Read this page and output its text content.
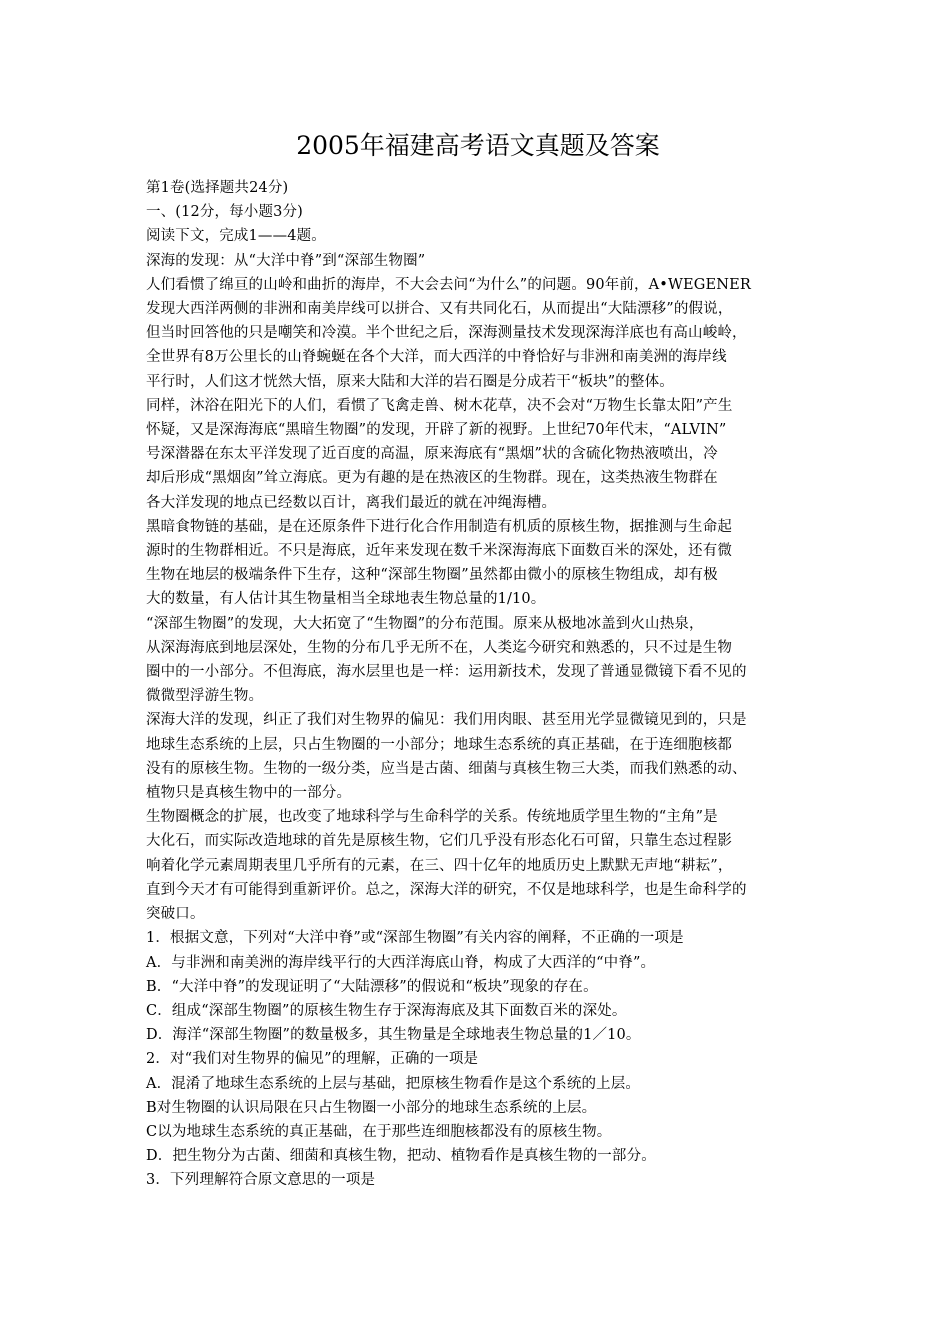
2005年福建高考语文真题及答案
第1卷(选择题共24分)
一、(12分，每小题3分)
阅读下文，完成1——4题。
深海的发现：从“大洋中脊”到“深部生物圈”
人们看惯了绵亘的山岭和曲折的海岸，不大会去问“为什么”的问题。90年前，A•WEGENER
发现大西洋两侧的非洲和南美岸线可以拼合、又有共同化石，从而提出“大陆漂移”的假说，
但当时回答他的只是嘲笑和冷漠。半个世纪之后，深海测量技术发现深海洋底也有高山峻岭，
全世界有8万公里长的山脊蜿蜒在各个大洋，而大西洋的中脊恰好与非洲和南美洲的海岸线
平行时，人们这才恍然大悟，原来大陆和大洋的岩石圈是分成若干“板块”的整体。
同样，沐浴在阳光下的人们，看惯了飞禽走兽、树木花草，决不会对“万物生长靠太阳”产生
怀疑，又是深海海底“黑暗生物圈”的发现，开辟了新的视野。上世纪70年代末，“ALVIN”
号深潜器在东太平洋发现了近百度的高温，原来海底有“黑烟”状的含硫化物热液喷出，冷
却后形成“黑烟囱”耸立海底。更为有趣的是在热液区的生物群。现在，这类热液生物群在
各大洋发现的地点已经数以百计，离我们最近的就在冲绳海槽。
黑暗食物链的基础，是在还原条件下进行化合作用制造有机质的原核生物，据推测与生命起
源时的生物群相近。不只是海底，近年来发现在数千米深海海底下面数百米的深处，还有微
生物在地层的极端条件下生存，这种“深部生物圈”虽然都由微小的原核生物组成，却有极
大的数量，有人估计其生物量相当全球地表生物总量的1/10。
“深部生物圈”的发现，大大拓宽了“生物圈”的分布范围。原来从极地冰盖到火山热泉，
从深海海底到地层深处，生物的分布几乎无所不在，人类迄今研究和熟悉的，只不过是生物
圈中的一小部分。不但海底，海水层里也是一样：运用新技术，发现了普通显微镜下看不见的
微微型浮游生物。
深海大洋的发现，纠正了我们对生物界的偏见：我们用肉眼、甚至用光学显微镜见到的，只是
地球生态系统的上层，只占生物圈的一小部分；地球生态系统的真正基础，在于连细胞核都
没有的原核生物。生物的一级分类，应当是古菌、细菌与真核生物三大类，而我们熟悉的动、
植物只是真核生物中的一部分。
生物圈概念的扩展，也改变了地球科学与生命科学的关系。传统地质学里生物的“主角”是
大化石，而实际改造地球的首先是原核生物，它们几乎没有形态化石可留，只靠生态过程影
响着化学元素周期表里几乎所有的元素，在三、四十亿年的地质历史上默默无声地“耕耘”，
直到今天才有可能得到重新评价。总之，深海大洋的研究，不仅是地球科学，也是生命科学的
突破口。
1．根据文意，下列对“大洋中脊”或“深部生物圈”有关内容的阐释，不正确的一项是
A．与非洲和南美洲的海岸线平行的大西洋海底山脊，构成了大西洋的“中脊”。
B．“大洋中脊”的发现证明了“大陆漂移”的假说和“板块”现象的存在。
C．组成“深部生物圈”的原核生物生存于深海海底及其下面数百米的深处。
D．海洋“深部生物圈”的数量极多，其生物量是全球地表生物总量的1／10。
2．对“我们对生物界的偏见”的理解，正确的一项是
A．混淆了地球生态系统的上层与基础，把原核生物看作是这个系统的上层。
B对生物圈的认识局限在只占生物圈一小部分的地球生态系统的上层。
C以为地球生态系统的真正基础，在于那些连细胞核都没有的原核生物。
D．把生物分为古菌、细菌和真核生物，把动、植物看作是真核生物的一部分。
3．下列理解符合原文意思的一项是
